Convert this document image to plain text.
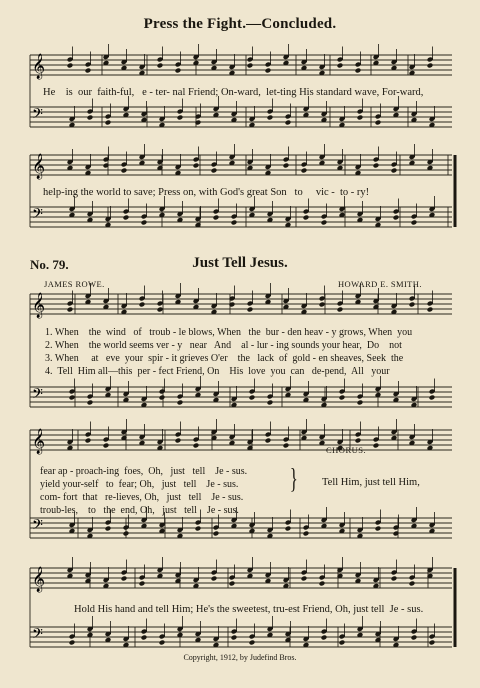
Press the Fight.—Concluded.
𝄞
𝄢
𝄞
𝄢
𝄞
𝄢
𝄞
𝄢
𝄞
𝄢
He    is  our  faith-ful,   e - ter- nal Friend; On-ward,  let-ting His standard wave, For-ward,
help-ing the world to save; Press on, with God's great Son   to     vic -  to - ry!
No. 79.	Just Tell Jesus.
JAMES ROWE.	HOWARD E. SMITH.
1. When    the  wind   of   troub - le blows, When   the  bur - den heav - y grows, When  you
2. When    the world seems ver - y   near   And    al - lur - ing sounds your hear,  Do    not
3. When     at   eve  your  spir - it grieves O'er    the   lack  of  gold - en sheaves, Seek  the
4.  Tell  Him all—this  per - fect Friend, On    His  love  you  can   de-pend,  All   your
CHORUS.
fear ap - proach-ing  foes,  Oh,   just   tell    Je - sus.
yield your-self   to  fear; Oh,   just   tell    Je - sus.
com- fort  that   re-lieves, Oh,   just   tell    Je - sus.
troub-les,    to   the  end, Oh,   just   tell    Je - sus.
} Tell Him, just tell Him,
Hold His hand and tell Him; He's the sweetest, tru-est Friend, Oh, just tell  Je - sus.
Copyright, 1912, by Judefind Bros.
